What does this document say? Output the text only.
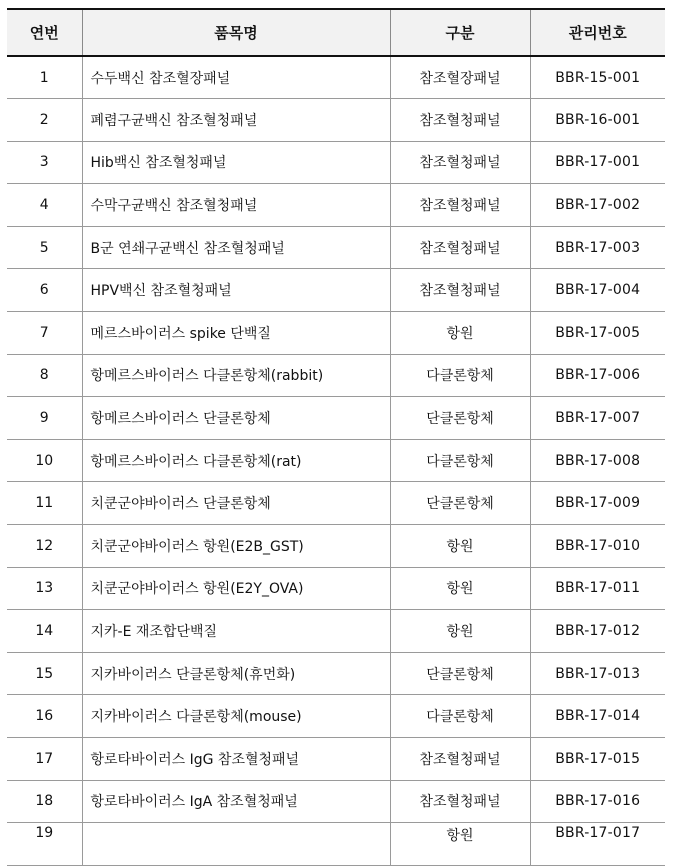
연번	품목명	구분	관리번호
1	수두백신 참조혈장패널	참조혈장패널	BBR-15-001
2	폐렴구균백신 참조혈청패널	참조혈청패널	BBR-16-001
3	Hib백신 참조혈청패널	참조혈청패널	BBR-17-001
4	수막구균백신 참조혈청패널	참조혈청패널	BBR-17-002
5	B군 연쇄구균백신 참조혈청패널	참조혈청패널	BBR-17-003
6	HPV백신 참조혈청패널	참조혈청패널	BBR-17-004
7	메르스바이러스 spike 단백질	항원	BBR-17-005
8	항메르스바이러스 다클론항체(rabbit)	다클론항체	BBR-17-006
9	항메르스바이러스 단클론항체	단클론항체	BBR-17-007
10	항메르스바이러스 다클론항체(rat)	다클론항체	BBR-17-008
11	치쿤군야바이러스 단클론항체	단클론항체	BBR-17-009
12	치쿤군야바이러스 항원(E2B_GST)	항원	BBR-17-010
13	치쿤군야바이러스 항원(E2Y_OVA)	항원	BBR-17-011
14	지카-E 재조합단백질	항원	BBR-17-012
15	지카바이러스 단클론항체(휴먼화)	단클론항체	BBR-17-013
16	지카바이러스 다클론항체(mouse)	다클론항체	BBR-17-014
17	항로타바이러스 IgG 참조혈청패널	참조혈청패널	BBR-17-015
18	항로타바이러스 IgA 참조혈청패널	참조혈청패널	BBR-17-016
19		항원	BBR-17-017
